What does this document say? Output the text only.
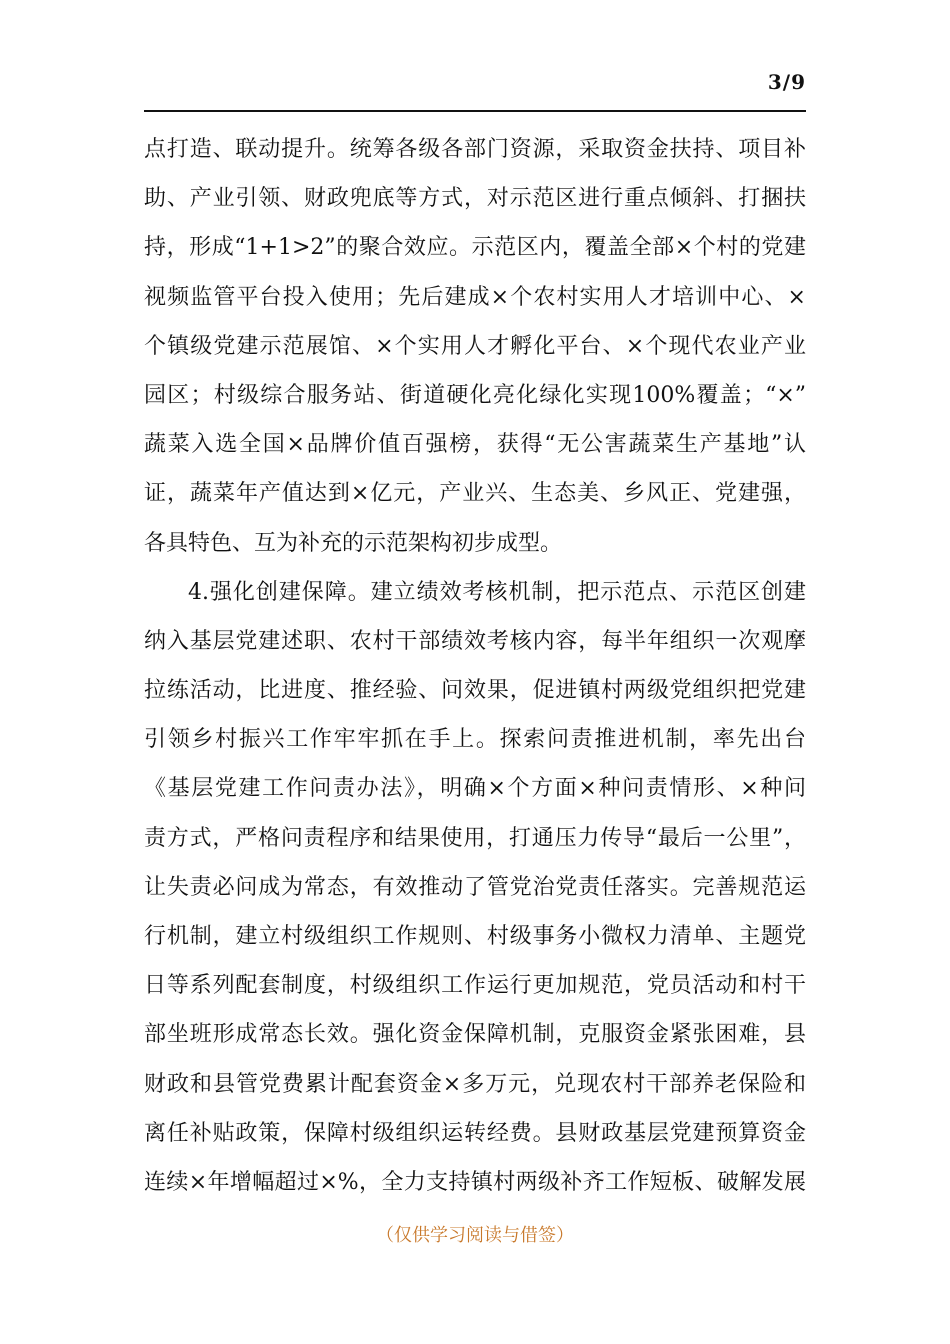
3/9
点打造、联动提升。统筹各级各部门资源，采取资金扶持、项目补
助、产业引领、财政兜底等方式，对示范区进行重点倾斜、打捆扶
持，形成“1+1>2”的聚合效应。示范区内，覆盖全部×个村的党建
视频监管平台投入使用；先后建成×个农村实用人才培训中心、×
个镇级党建示范展馆、×个实用人才孵化平台、×个现代农业产业
园区；村级综合服务站、街道硬化亮化绿化实现100%覆盖；“×”
蔬菜入选全国×品牌价值百强榜，获得“无公害蔬菜生产基地”认
证，蔬菜年产值达到×亿元，产业兴、生态美、乡风正、党建强，
各具特色、互为补充的示范架构初步成型。
4.强化创建保障。建立绩效考核机制，把示范点、示范区创建
纳入基层党建述职、农村干部绩效考核内容，每半年组织一次观摩
拉练活动，比进度、推经验、问效果，促进镇村两级党组织把党建
引领乡村振兴工作牢牢抓在手上。探索问责推进机制，率先出台
《基层党建工作问责办法》，明确×个方面×种问责情形、×种问
责方式，严格问责程序和结果使用，打通压力传导“最后一公里”，
让失责必问成为常态，有效推动了管党治党责任落实。完善规范运
行机制，建立村级组织工作规则、村级事务小微权力清单、主题党
日等系列配套制度，村级组织工作运行更加规范，党员活动和村干
部坐班形成常态长效。强化资金保障机制，克服资金紧张困难，县
财政和县管党费累计配套资金×多万元，兑现农村干部养老保险和
离任补贴政策，保障村级组织运转经费。县财政基层党建预算资金
连续×年增幅超过×%，全力支持镇村两级补齐工作短板、破解发展
（仅供学习阅读与借签）
